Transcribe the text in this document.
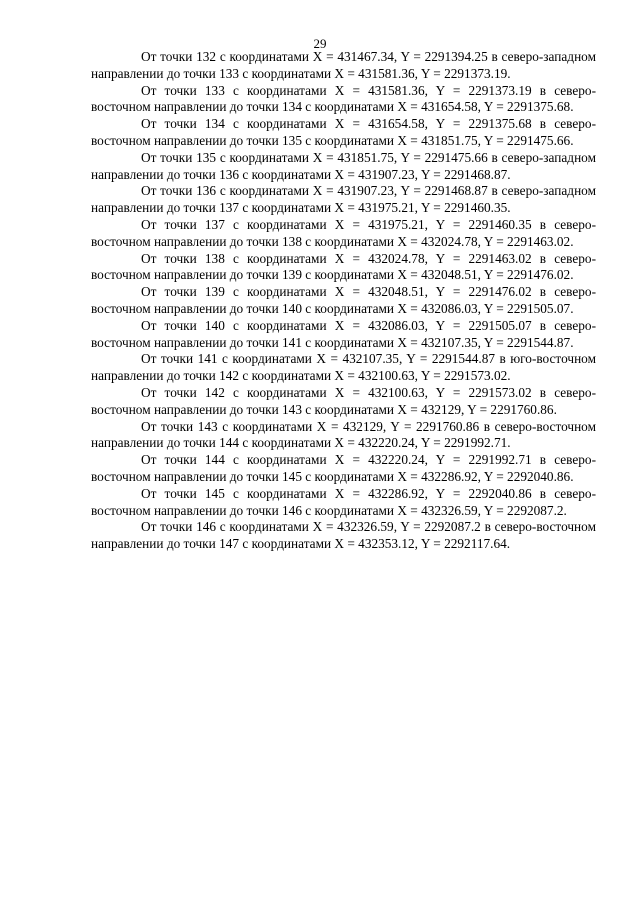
29

От точки 132 с координатами X = 431467.34, Y = 2291394.25 в северо-западном направлении до точки 133 с координатами X = 431581.36, Y = 2291373.19.

От точки 133 с координатами X = 431581.36, Y = 2291373.19 в северо-восточном направлении до точки 134 с координатами X = 431654.58, Y = 2291375.68.

От точки 134 с координатами X = 431654.58, Y = 2291375.68 в северо-восточном направлении до точки 135 с координатами X = 431851.75, Y = 2291475.66.

От точки 135 с координатами X = 431851.75, Y = 2291475.66 в северо-западном направлении до точки 136 с координатами X = 431907.23, Y = 2291468.87.

От точки 136 с координатами X = 431907.23, Y = 2291468.87 в северо-западном направлении до точки 137 с координатами X = 431975.21, Y = 2291460.35.

От точки 137 с координатами X = 431975.21, Y = 2291460.35 в северо-восточном направлении до точки 138 с координатами X = 432024.78, Y = 2291463.02.

От точки 138 с координатами X = 432024.78, Y = 2291463.02 в северо-восточном направлении до точки 139 с координатами X = 432048.51, Y = 2291476.02.

От точки 139 с координатами X = 432048.51, Y = 2291476.02 в северо-восточном направлении до точки 140 с координатами X = 432086.03, Y = 2291505.07.

От точки 140 с координатами X = 432086.03, Y = 2291505.07 в северо-восточном направлении до точки 141 с координатами X = 432107.35, Y = 2291544.87.

От точки 141 с координатами X = 432107.35, Y = 2291544.87 в юго-восточном направлении до точки 142 с координатами X = 432100.63, Y = 2291573.02.

От точки 142 с координатами X = 432100.63, Y = 2291573.02 в северо-восточном направлении до точки 143 с координатами X = 432129, Y = 2291760.86.

От точки 143 с координатами X = 432129, Y = 2291760.86 в северо-восточном направлении до точки 144 с координатами X = 432220.24, Y = 2291992.71.

От точки 144 с координатами X = 432220.24, Y = 2291992.71 в северо-восточном направлении до точки 145 с координатами X = 432286.92, Y = 2292040.86.

От точки 145 с координатами X = 432286.92, Y = 2292040.86 в северо-восточном направлении до точки 146 с координатами X = 432326.59, Y = 2292087.2.

От точки 146 с координатами X = 432326.59, Y = 2292087.2 в северо-восточном направлении до точки 147 с координатами X = 432353.12, Y = 2292117.64.
